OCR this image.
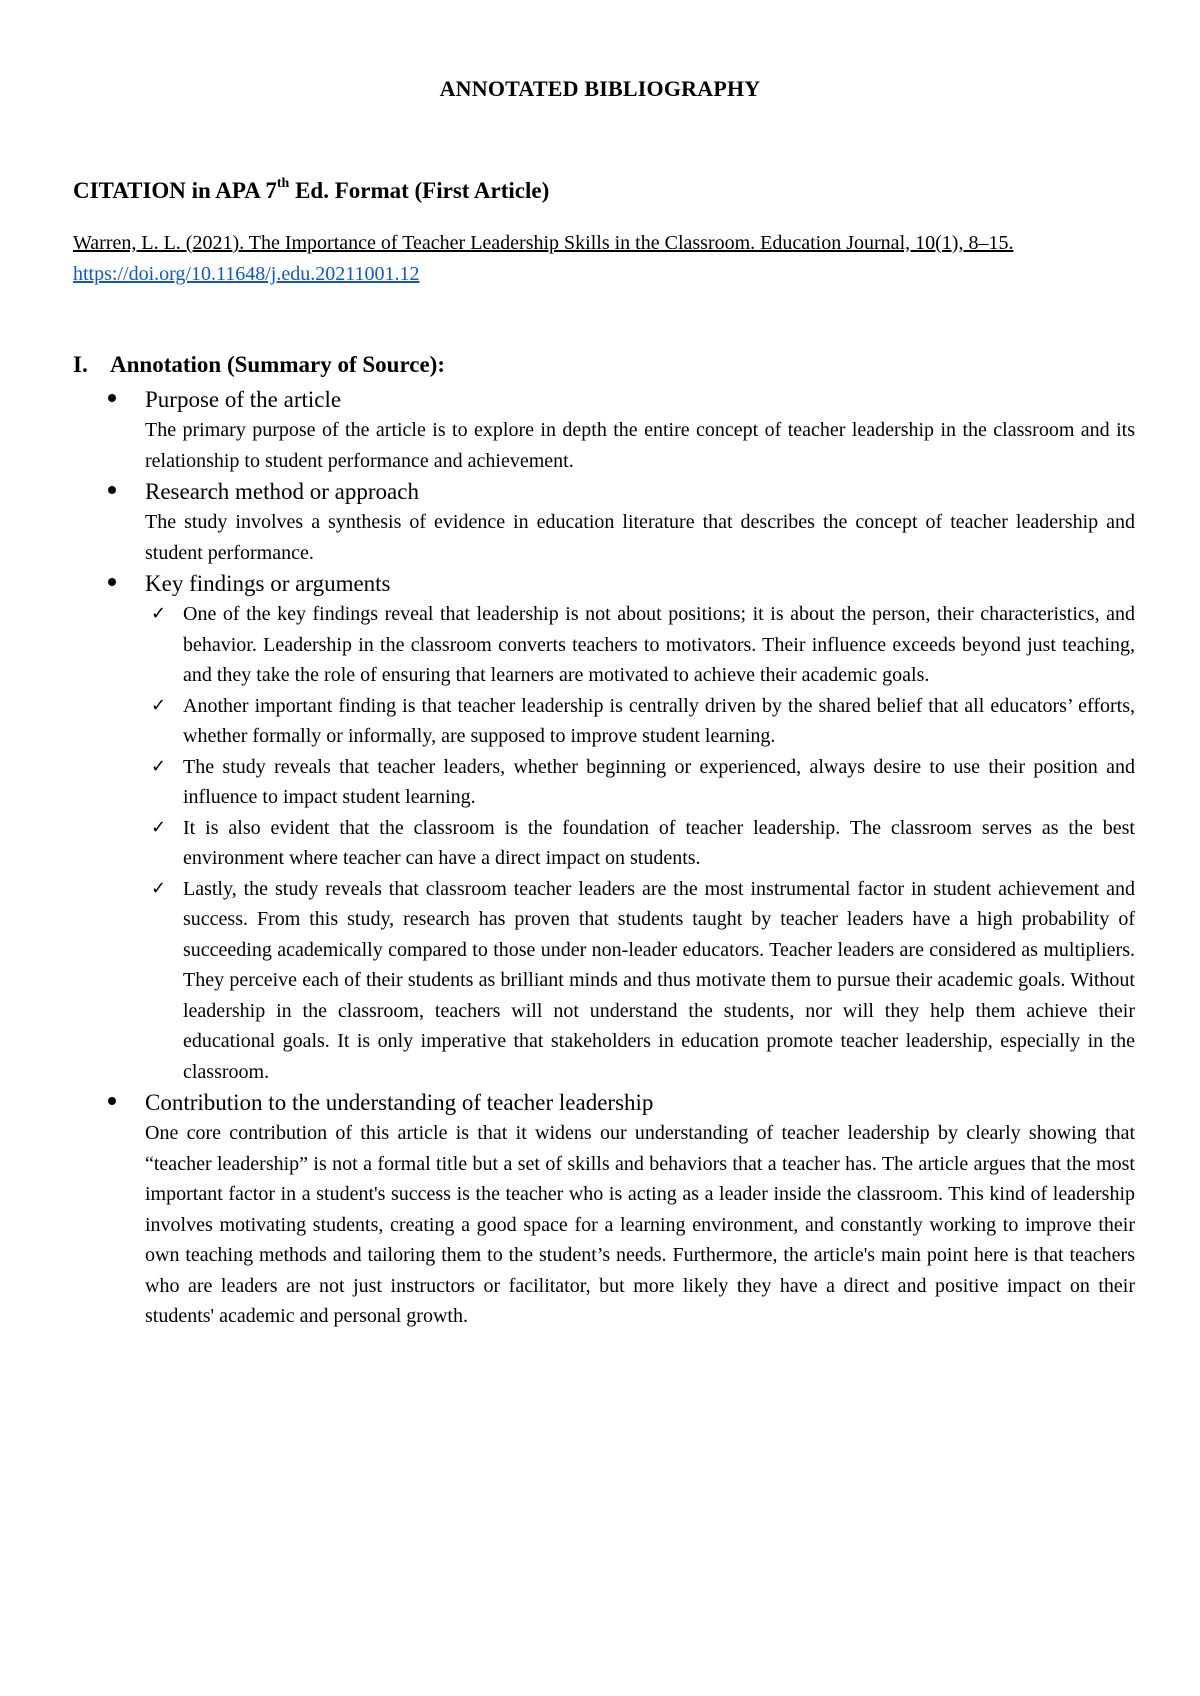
ANNOTATED BIBLIOGRAPHY
CITATION in APA 7th Ed. Format (First Article)
Warren, L. L. (2021). The Importance of Teacher Leadership Skills in the Classroom. Education Journal, 10(1), 8–15. https://doi.org/10.11648/j.edu.20211001.12
I. Annotation (Summary of Source):
Purpose of the article
The primary purpose of the article is to explore in depth the entire concept of teacher leadership in the classroom and its relationship to student performance and achievement.
Research method or approach
The study involves a synthesis of evidence in education literature that describes the concept of teacher leadership and student performance.
Key findings or arguments
✓ One of the key findings reveal that leadership is not about positions; it is about the person, their characteristics, and behavior. Leadership in the classroom converts teachers to motivators. Their influence exceeds beyond just teaching, and they take the role of ensuring that learners are motivated to achieve their academic goals.
✓ Another important finding is that teacher leadership is centrally driven by the shared belief that all educators’ efforts, whether formally or informally, are supposed to improve student learning.
✓ The study reveals that teacher leaders, whether beginning or experienced, always desire to use their position and influence to impact student learning.
✓ It is also evident that the classroom is the foundation of teacher leadership. The classroom serves as the best environment where teacher can have a direct impact on students.
✓ Lastly, the study reveals that classroom teacher leaders are the most instrumental factor in student achievement and success. From this study, research has proven that students taught by teacher leaders have a high probability of succeeding academically compared to those under non-leader educators. Teacher leaders are considered as multipliers. They perceive each of their students as brilliant minds and thus motivate them to pursue their academic goals. Without leadership in the classroom, teachers will not understand the students, nor will they help them achieve their educational goals. It is only imperative that stakeholders in education promote teacher leadership, especially in the classroom.
Contribution to the understanding of teacher leadership
One core contribution of this article is that it widens our understanding of teacher leadership by clearly showing that “teacher leadership” is not a formal title but a set of skills and behaviors that a teacher has. The article argues that the most important factor in a student's success is the teacher who is acting as a leader inside the classroom. This kind of leadership involves motivating students, creating a good space for a learning environment, and constantly working to improve their own teaching methods and tailoring them to the student’s needs. Furthermore, the article's main point here is that teachers who are leaders are not just instructors or facilitator, but more likely they have a direct and positive impact on their students' academic and personal growth.
